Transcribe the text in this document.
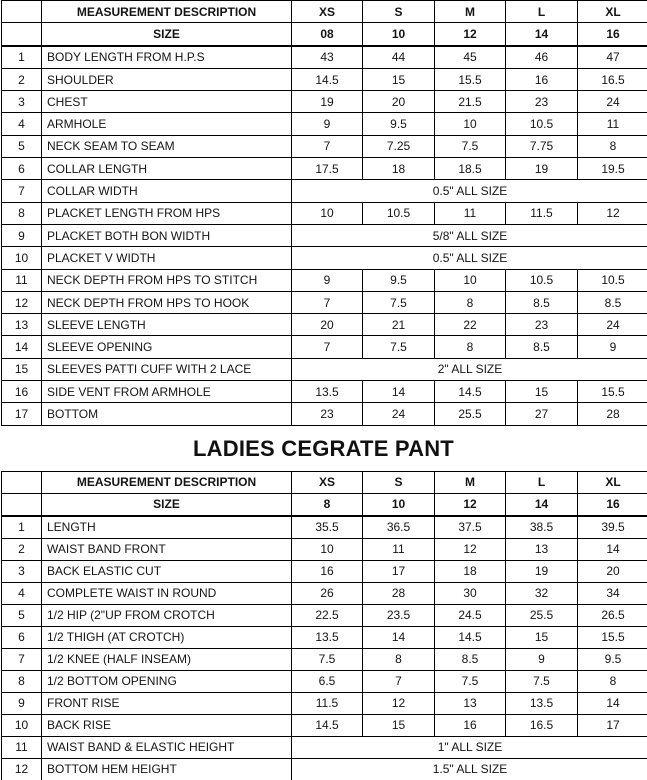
	MEASUREMENT DESCRIPTION	XS	S	M	L	XL
	SIZE	08	10	12	14	16
1	BODY LENGTH FROM H.P.S	43	44	45	46	47
2	SHOULDER	14.5	15	15.5	16	16.5
3	CHEST	19	20	21.5	23	24
4	ARMHOLE	9	9.5	10	10.5	11
5	NECK SEAM TO SEAM	7	7.25	7.5	7.75	8
6	COLLAR LENGTH	17.5	18	18.5	19	19.5
7	COLLAR WIDTH	0.5" ALL SIZE				
8	PLACKET LENGTH FROM HPS	10	10.5	11	11.5	12
9	PLACKET BOTH BON WIDTH	5/8" ALL SIZE				
10	PLACKET V WIDTH	0.5" ALL SIZE				
11	NECK DEPTH FROM HPS TO STITCH	9	9.5	10	10.5	10.5
12	NECK DEPTH FROM HPS TO HOOK	7	7.5	8	8.5	8.5
13	SLEEVE LENGTH	20	21	22	23	24
14	SLEEVE OPENING	7	7.5	8	8.5	9
15	SLEEVES PATTI CUFF WITH 2 LACE	2" ALL SIZE				
16	SIDE VENT FROM ARMHOLE	13.5	14	14.5	15	15.5
17	BOTTOM	23	24	25.5	27	28
LADIES CEGRATE PANT
	MEASUREMENT DESCRIPTION	XS	S	M	L	XL
	SIZE	8	10	12	14	16
1	LENGTH	35.5	36.5	37.5	38.5	39.5
2	WAIST BAND FRONT	10	11	12	13	14
3	BACK ELASTIC CUT	16	17	18	19	20
4	COMPLETE WAIST IN ROUND	26	28	30	32	34
5	1/2 HIP (2"UP FROM CROTCH	22.5	23.5	24.5	25.5	26.5
6	1/2 THIGH (AT CROTCH)	13.5	14	14.5	15	15.5
7	1/2 KNEE (HALF INSEAM)	7.5	8	8.5	9	9.5
8	1/2 BOTTOM OPENING	6.5	7	7.5	7.5	8
9	FRONT RISE	11.5	12	13	13.5	14
10	BACK RISE	14.5	15	16	16.5	17
11	WAIST BAND & ELASTIC HEIGHT	1" ALL SIZE				
12	BOTTOM HEM HEIGHT	1.5" ALL SIZE				
